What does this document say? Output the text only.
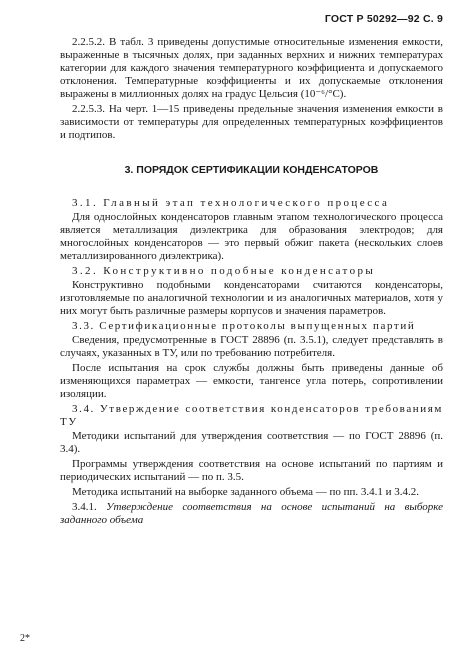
ГОСТ Р 50292—92 С. 9

2.2.5.2. В табл. 3 приведены допустимые относительные изменения емкости, выраженные в тысячных долях, при заданных верхних и нижних температурах категории для каждого значения температурного коэффициента и допускаемого отклонения. Температурные коэффициенты и их допускаемые отклонения выражены в миллионных долях на градус Цельсия (10⁻⁶/°С).

2.2.5.3. На черт. 1—15 приведены предельные значения изменения емкости в зависимости от температуры для определенных температурных коэффициентов и подтипов.

3. ПОРЯДОК СЕРТИФИКАЦИИ КОНДЕНСАТОРОВ

3.1. Главный этап технологического процесса

Для однослойных конденсаторов главным этапом технологического процесса является металлизация диэлектрика для образования электродов; для многослойных конденсаторов — это первый обжиг пакета (нескольких слоев металлизированного диэлектрика).

3.2. Конструктивно подобные конденсаторы

Конструктивно подобными конденсаторами считаются конденсаторы, изготовляемые по аналогичной технологии и из аналогичных материалов, хотя у них могут быть различные размеры корпусов и значения параметров.

3.3. Сертификационные протоколы выпущенных партий

Сведения, предусмотренные в ГОСТ 28896 (п. 3.5.1), следует представлять в случаях, указанных в ТУ, или по требованию потребителя.

После испытания на срок службы должны быть приведены данные об изменяющихся параметрах — емкости, тангенсе угла потерь, сопротивлении изоляции.

3.4. Утверждение соответствия конденсаторов требованиям ТУ

Методики испытаний для утверждения соответствия — по ГОСТ 28896 (п. 3.4).

Программы утверждения соответствия на основе испытаний по партиям и периодических испытаний — по п. 3.5.

Методика испытаний на выборке заданного объема — по пп. 3.4.1 и 3.4.2.

3.4.1. Утверждение соответствия на основе испытаний на выборке заданного объема

2*
